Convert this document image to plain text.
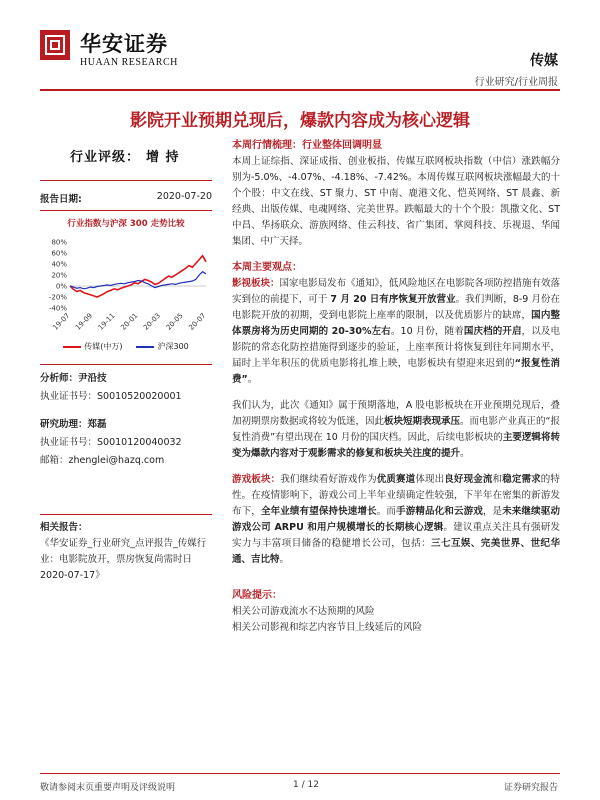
华安证券
HUAAN RESEARCH	传媒
行业研究/行业周报
影院开业预期兑现后，爆款内容成为核心逻辑
行业评级： 增 持
报告日期:	2020-07-20
行业指数与沪深 300 走势比较
80%
60%
40%
20%
0%
-20%
-40%
19-07 19-09 19-11 20-01 20-03 20-05 20-07
传媒(中万)	沪深300
分析师：尹沿技
执业证书号：S0010520020001
研究助理：郑磊
执业证书号：S0010120040032
邮箱：zhenglei@hazq.com
相关报告：
《华安证券_行业研究_点评报告_传媒行业：电影院放开，票房恢复尚需时日 2020-07-17》
本周行情梳理：行业整体回调明显
本周上证综指、深证成指、创业板指、传媒互联网板块指数（中信）涨跌幅分别为-5.0%、-4.07%、-4.18%、-7.42%。本周传媒互联网板块涨幅最大的十个个股：中文在线、ST 聚力、ST 中南、鹿港文化、恺英网络、ST 晨鑫、新经典、出版传媒、电魂网络、完美世界。跌幅最大的十个个股：凯撒文化、ST 中昌、华扬联众、游族网络、佳云科技、省广集团、掌阅科技、乐视退、华闻集团、中广天择。
本周主要观点：
影视板块：国家电影局发布《通知》，低风险地区在电影院各项防控措施有效落实到位的前提下，可于 7 月 20 日有序恢复开放营业。我们判断，8-9 月份在电影院开放的初期，受到电影院上座率的限制，以及优质影片的缺席，国内整体票房将为历史同期的 20-30%左右。10 月份，随着国庆档的开启，以及电影院的常态化防控措施得到逐步的验证，上座率预计将恢复到往年同期水平，届时上半年积压的优质电影将扎堆上映，电影板块有望迎来迟到的“报复性消费”。
我们认为，此次《通知》属于预期落地，A 股电影板块在开业预期兑现后，叠加初期票房数据或将较为低迷，因此板块短期表现承压。而电影产业真正的“报复性消费”有望出现在 10 月份的国庆档。因此，后续电影板块的主要逻辑将转变为爆款内容对于观影需求的修复和板块关注度的提升。
游戏板块：我们继续看好游戏作为优质赛道体现出良好现金流和稳定需求的特性。在疫情影响下，游戏公司上半年业绩确定性较强，下半年在密集的新游发布下，全年业绩有望保持快速增长。而手游精品化和云游戏，是未来继续驱动游戏公司 ARPU 和用户规模增长的长期核心逻辑。建议重点关注具有强研发实力与丰富项目储备的稳健增长公司，包括：三七互娱、完美世界、世纪华通、吉比特。
风险提示：
相关公司游戏流水不达预期的风险
相关公司影视和综艺内容节目上线延后的风险
敬请参阅末页重要声明及评级说明	1 / 12	证券研究报告
